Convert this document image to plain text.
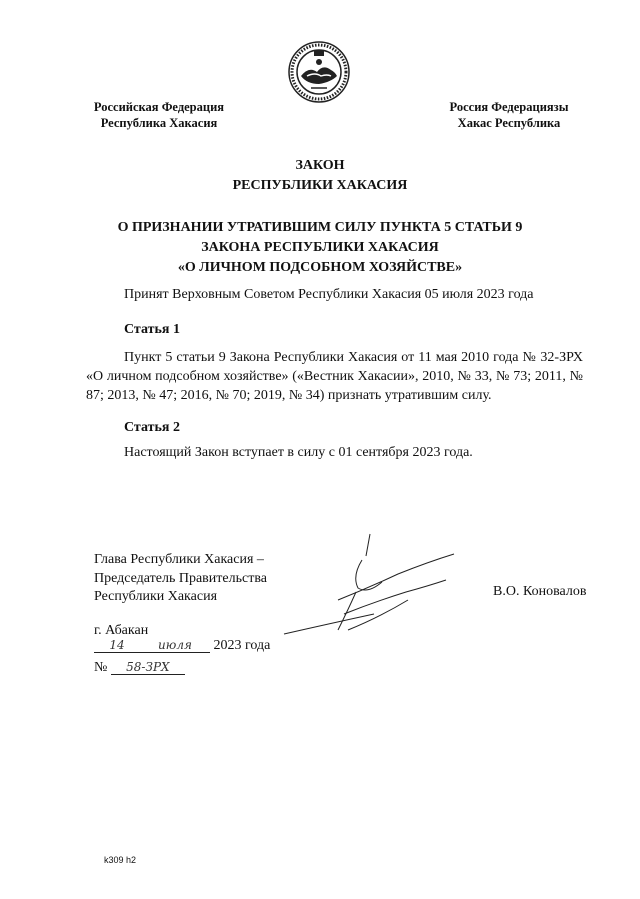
Российская Федерация
Республика Хакасия
Россия Федерациязы
Хакас Республика
ЗАКОН
РЕСПУБЛИКИ ХАКАСИЯ
О ПРИЗНАНИИ УТРАТИВШИМ СИЛУ ПУНКТА 5 СТАТЬИ 9
ЗАКОНА РЕСПУБЛИКИ ХАКАСИЯ
«О ЛИЧНОМ ПОДСОБНОМ ХОЗЯЙСТВЕ»
Принят Верховным Советом Республики Хакасия 05 июля 2023 года
Статья 1
Пункт 5 статьи 9 Закона Республики Хакасия от 11 мая 2010 года № 32-ЗРХ «О личном подсобном хозяйстве» («Вестник Хакасии», 2010, № 33, № 73; 2011, № 87; 2013, № 47; 2016, № 70; 2019, № 34) признать утратившим силу.
Статья 2
Настоящий Закон вступает в силу с 01 сентября 2023 года.
Глава Республики Хакасия –
Председатель Правительства
Республики Хакасия	В.О. Коновалов
г. Абакан
14	июля 2023 года
№ 58-ЗРХ
k309 h2
